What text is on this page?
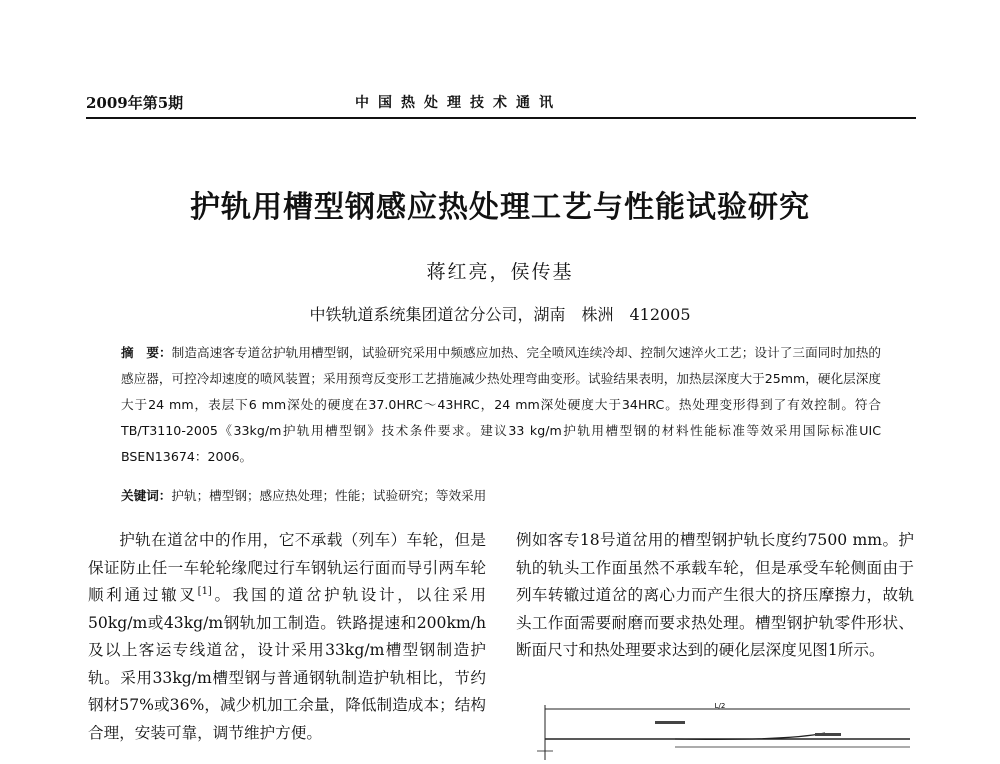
2009年第5期	中国热处理技术通讯
护轨用槽型钢感应热处理工艺与性能试验研究
蒋红亮，侯传基
中铁轨道系统集团道岔分公司，湖南　株洲　412005
摘　要：制造高速客专道岔护轨用槽型钢，试验研究采用中频感应加热、完全喷风连续冷却、控制欠速淬火工艺；设计了三面同时加热的感应器，可控冷却速度的喷风装置；采用预弯反变形工艺措施减少热处理弯曲变形。试验结果表明，加热层深度大于25mm，硬化层深度大于24 mm，表层下6 mm深处的硬度在37.0HRC～43HRC，24 mm深处硬度大于34HRC。热处理变形得到了有效控制。符合TB/T3110-2005《33kg/m护轨用槽型钢》技术条件要求。建议33 kg/m护轨用槽型钢的材料性能标准等效采用国际标准UIC BSEN13674：2006。
关键词：护轨；槽型钢；感应热处理；性能；试验研究；等效采用

护轨在道岔中的作用，它不承载（列车）车轮，但是保证防止任一车轮轮缘爬过行车钢轨运行面而导引两车轮顺利通过辙叉[1]。我国的道岔护轨设计，以往采用50kg/m或43kg/m钢轨加工制造。铁路提速和200km/h及以上客运专线道岔，设计采用33kg/m槽型钢制造护轨。采用33kg/m槽型钢与普通钢轨制造护轨相比，节约钢材57%或36%，减少机加工余量，降低制造成本；结构合理，安装可靠，调节维护方便。

例如客专18号道岔用的槽型钢护轨长度约7500 mm。护轨的轨头工作面虽然不承载车轮，但是承受车轮侧面由于列车转辙过道岔的离心力而产生很大的挤压摩擦力，故轨头工作面需要耐磨而要求热处理。槽型钢护轨零件形状、断面尺寸和热处理要求达到的硬化层深度见图1所示。

L/2
